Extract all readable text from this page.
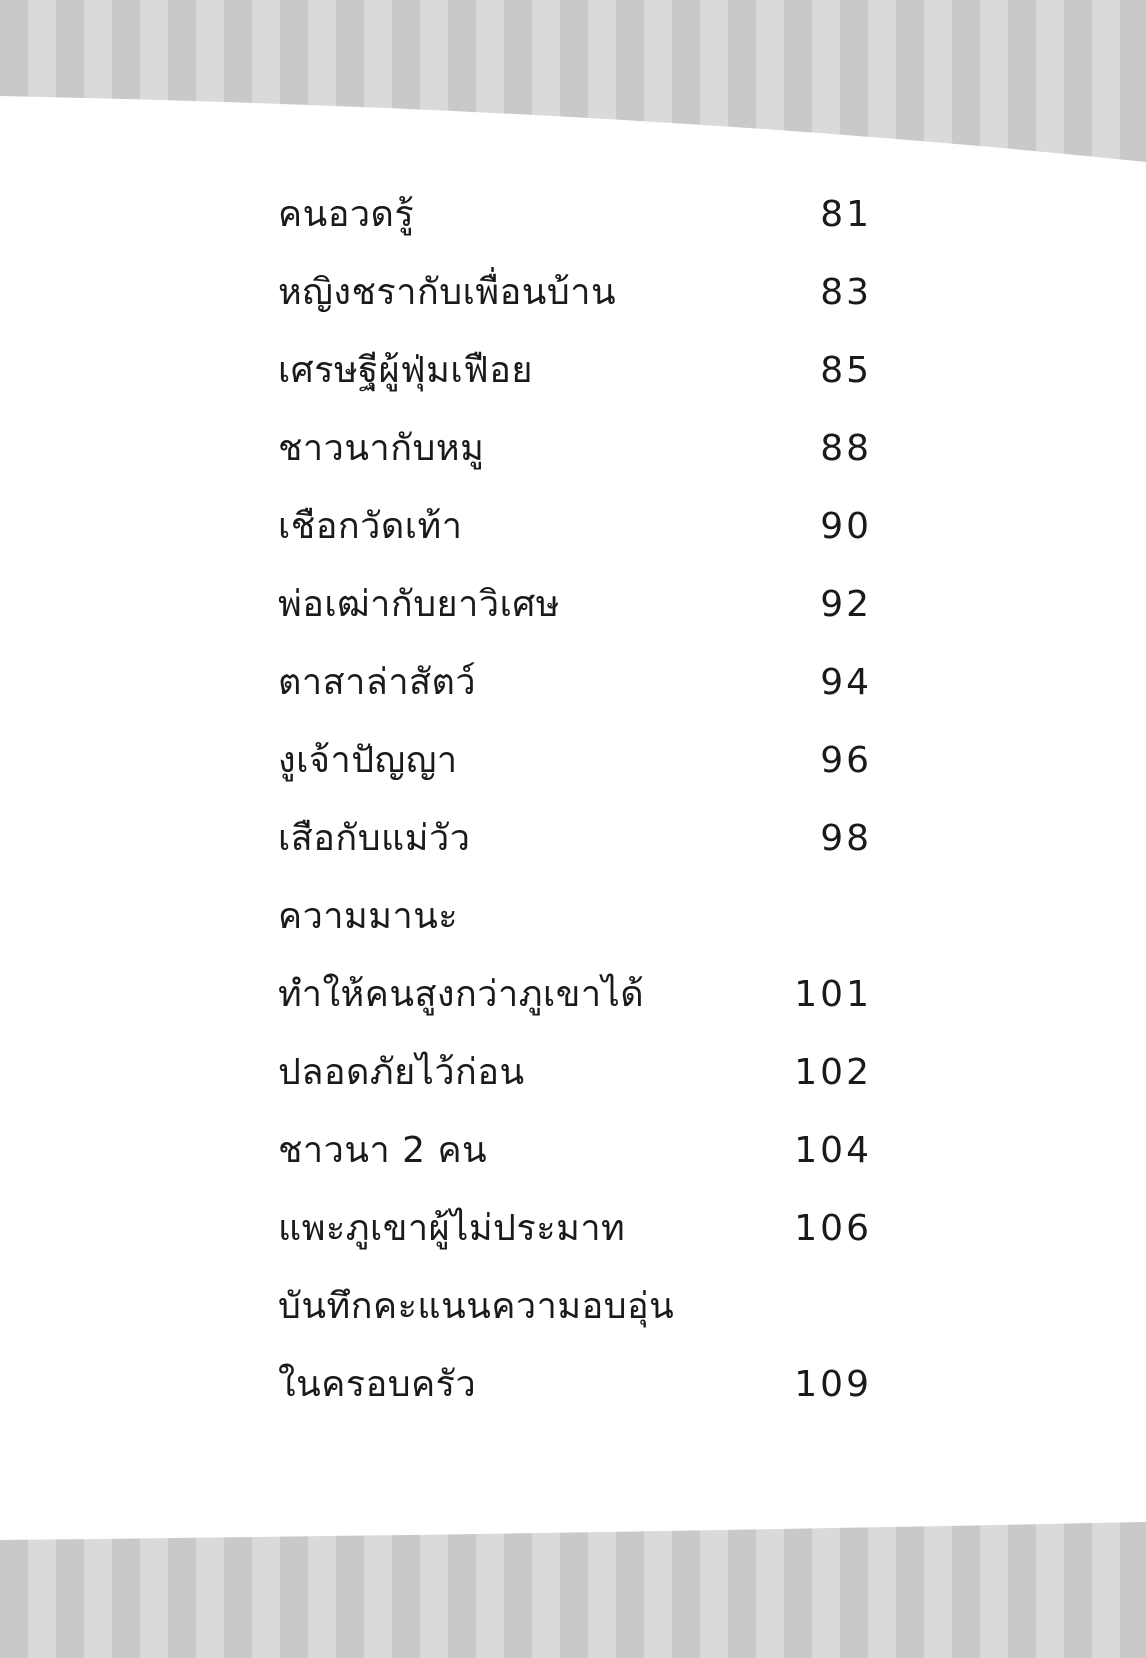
คนอวดรู้	81
หญิงชรากับเพื่อนบ้าน	83
เศรษฐีผู้ฟุ่มเฟือย	85
ชาวนากับหมู	88
เชือกวัดเท้า	90
พ่อเฒ่ากับยาวิเศษ	92
ตาสาล่าสัตว์	94
งูเจ้าปัญญา	96
เสือกับแม่วัว	98
ความมานะ
ทำให้คนสูงกว่าภูเขาได้	101
ปลอดภัยไว้ก่อน	102
ชาวนา 2 คน	104
แพะภูเขาผู้ไม่ประมาท	106
บันทึกคะแนนความอบอุ่น
ในครอบครัว	109
